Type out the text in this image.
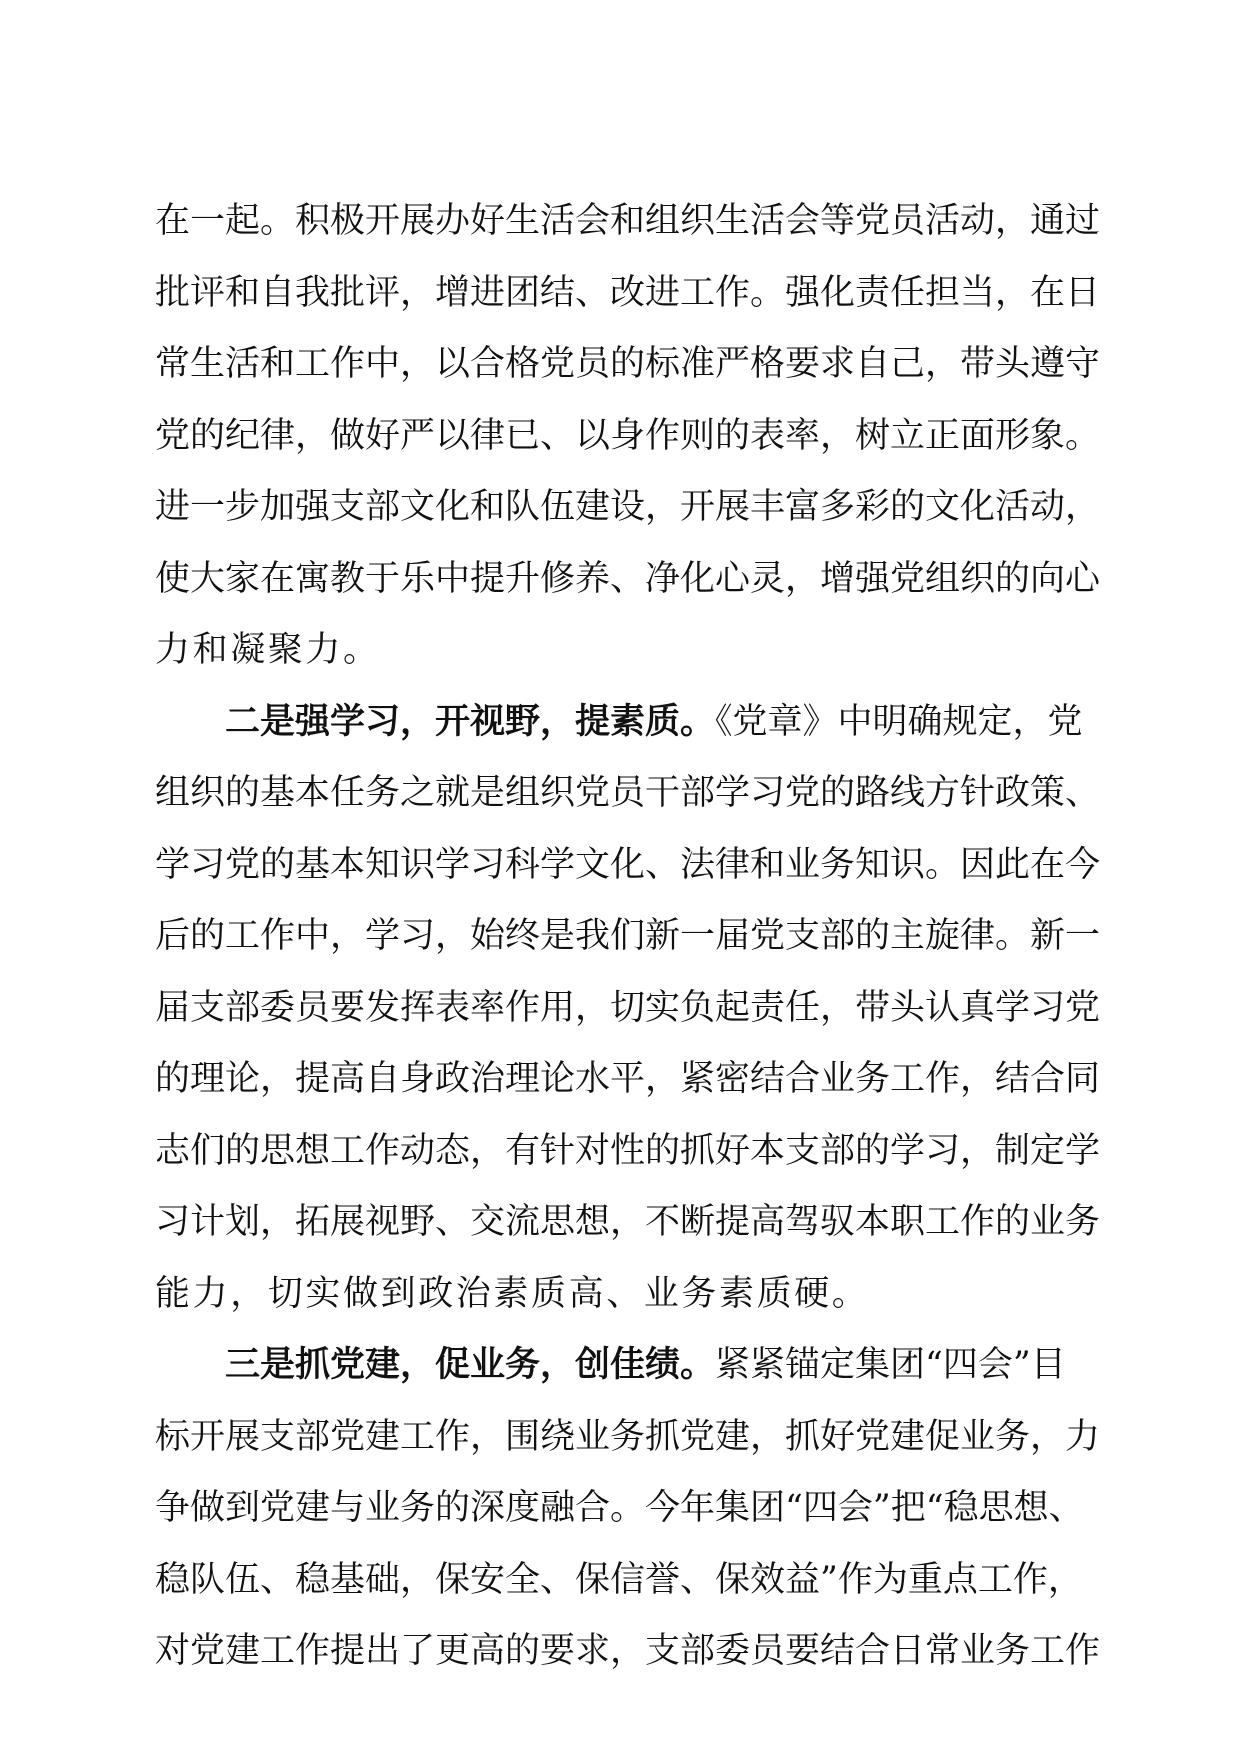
在一起。积极开展办好生活会和组织生活会等党员活动，通过
批评和自我批评，增进团结、改进工作。强化责任担当，在日
常生活和工作中，以合格党员的标准严格要求自己，带头遵守
党的纪律，做好严以律已、以身作则的表率，树立正面形象。
进一步加强支部文化和队伍建设，开展丰富多彩的文化活动，
使大家在寓教于乐中提升修养、净化心灵，增强党组织的向心
力和凝聚力。
二是强学习，开视野，提素质。《党章》中明确规定，党
组织的基本任务之就是组织党员干部学习党的路线方针政策、
学习党的基本知识学习科学文化、法律和业务知识。因此在今
后的工作中，学习，始终是我们新一届党支部的主旋律。新一
届支部委员要发挥表率作用，切实负起责任，带头认真学习党
的理论，提高自身政治理论水平，紧密结合业务工作，结合同
志们的思想工作动态，有针对性的抓好本支部的学习，制定学
习计划，拓展视野、交流思想，不断提高驾驭本职工作的业务
能力，切实做到政治素质高、业务素质硬。
三是抓党建，促业务，创佳绩。紧紧锚定集团“四会”目
标开展支部党建工作，围绕业务抓党建，抓好党建促业务，力
争做到党建与业务的深度融合。今年集团“四会”把“稳思想、
稳队伍、稳基础，保安全、保信誉、保效益”作为重点工作，
对党建工作提出了更高的要求，支部委员要结合日常业务工作
